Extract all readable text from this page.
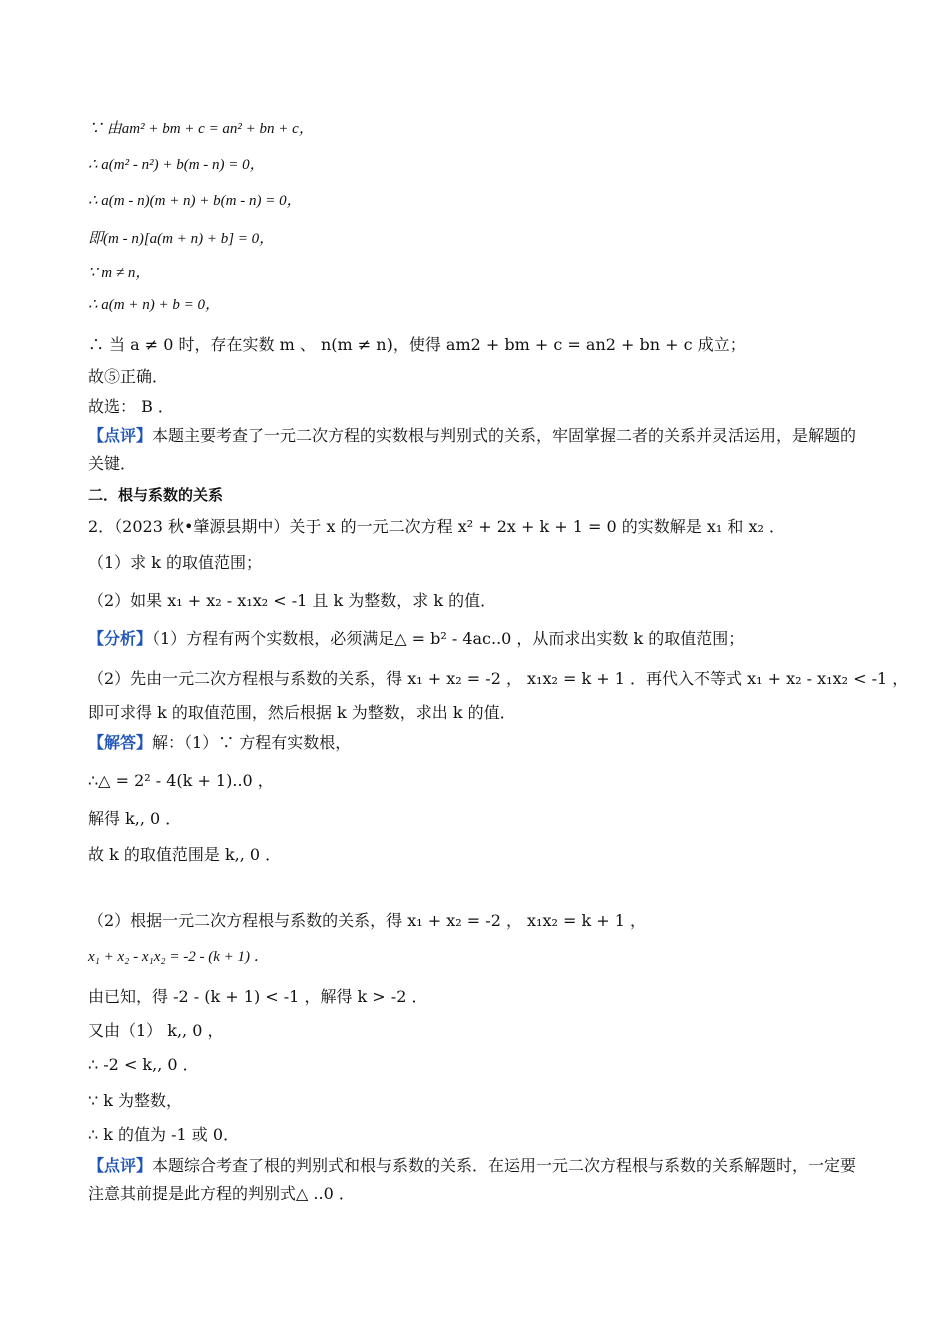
∵ 由am² + bm + c = an² + bn + c，
∴ a(m² - n²) + b(m - n) = 0，
∴ a(m - n)(m + n) + b(m - n) = 0，
即(m - n)[a(m + n) + b] = 0，
∵ m ≠ n，
∴ a(m + n) + b = 0，
∴ 当 a ≠ 0 时，存在实数 m 、 n(m ≠ n)，使得 am2 + bm + c = an2 + bn + c 成立；
故⑤正确．
故选： B ．
【点评】本题主要考查了一元二次方程的实数根与判别式的关系，牢固掌握二者的关系并灵活运用，是解题的关键．
二．根与系数的关系
2．（2023 秋•肇源县期中）关于 x 的一元二次方程 x² + 2x + k + 1 = 0 的实数解是 x₁ 和 x₂ ．
（1）求 k 的取值范围；
（2）如果 x₁ + x₂ - x₁x₂ < -1 且 k 为整数，求 k 的值．
【分析】（1）方程有两个实数根，必须满足△ = b² - 4ac..0 ，从而求出实数 k 的取值范围；
（2）先由一元二次方程根与系数的关系，得 x₁ + x₂ = -2 ， x₁x₂ = k + 1 ．再代入不等式 x₁ + x₂ - x₁x₂ < -1 ，
即可求得 k 的取值范围，然后根据 k 为整数，求出 k 的值．
【解答】解：（1）∵ 方程有实数根，
∴△ = 2² - 4(k + 1)..0 ，
解得 k,, 0 ．
故 k 的取值范围是 k,, 0 ．
（2）根据一元二次方程根与系数的关系，得 x₁ + x₂ = -2 ， x₁x₂ = k + 1 ，
x₁ + x₂ - x₁x₂ = -2 - (k + 1) ．
由已知，得 -2 - (k + 1) < -1 ，解得 k > -2 ．
又由（1） k,, 0 ，
∴ -2 < k,, 0 ．
∵ k 为整数，
∴ k 的值为 -1 或 0．
【点评】本题综合考查了根的判别式和根与系数的关系．在运用一元二次方程根与系数的关系解题时，一定要注意其前提是此方程的判别式△ ..0 ．
